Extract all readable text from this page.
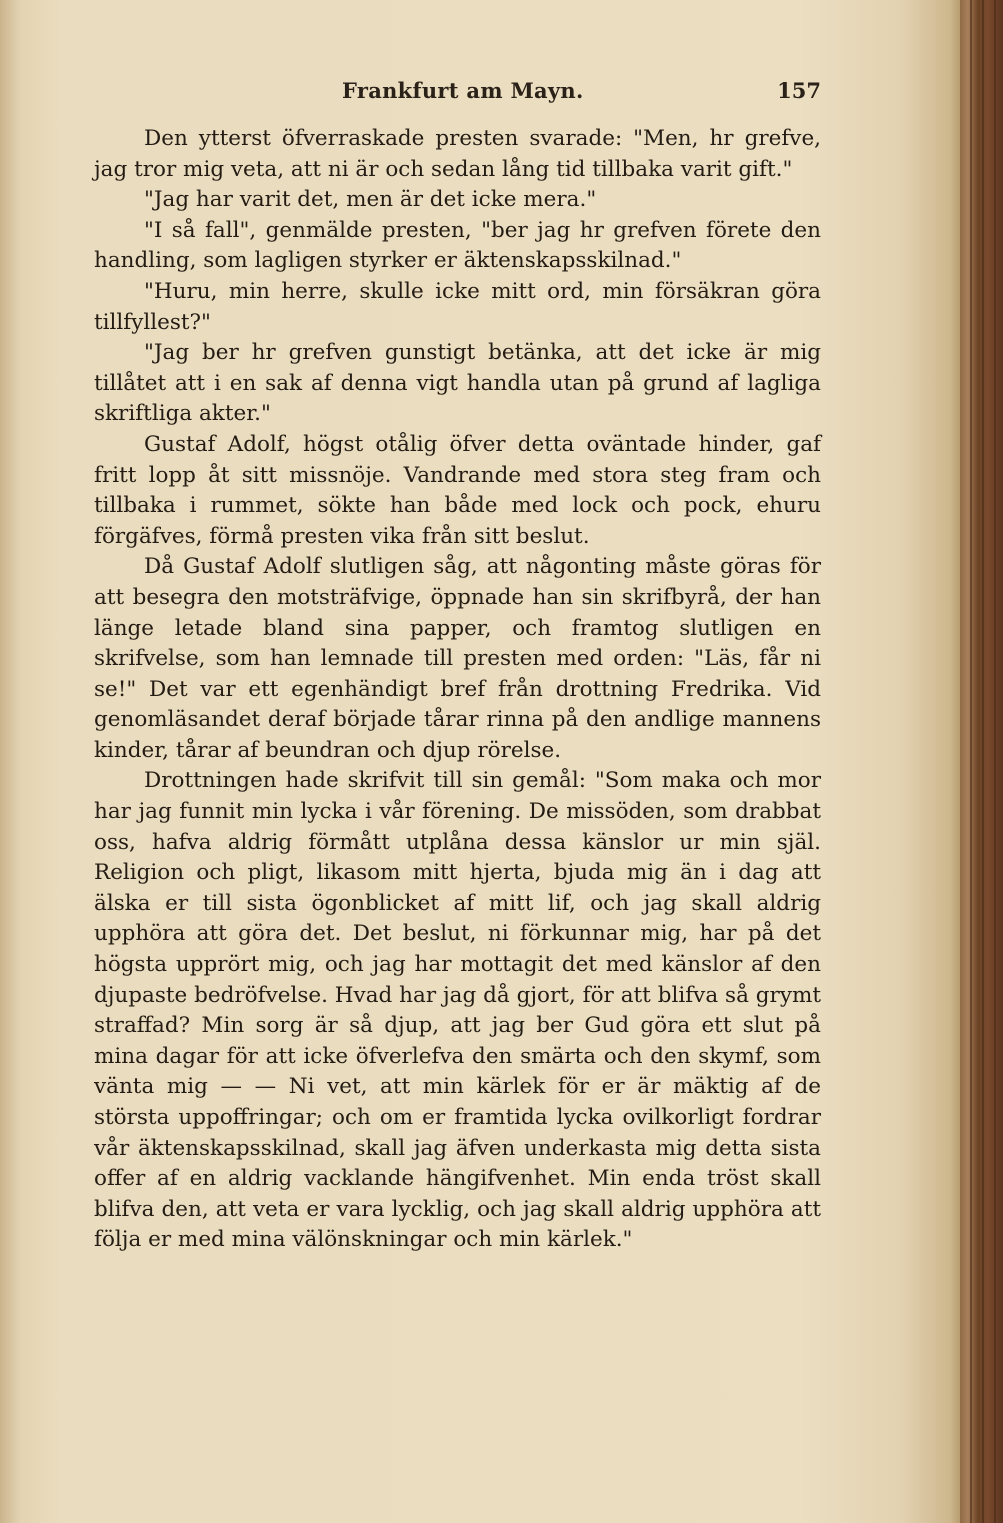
Frankfurt am Mayn.	157

Den ytterst öfverraskade presten svarade: "Men, hr grefve, jag tror mig veta, att ni är och sedan lång tid tillbaka varit gift."

"Jag har varit det, men är det icke mera."

"I så fall", genmälde presten, "ber jag hr grefven förete den handling, som lagligen styrker er äktenskapsskilnad."

"Huru, min herre, skulle icke mitt ord, min försäkran göra tillfyllest?"

"Jag ber hr grefven gunstigt betänka, att det icke är mig tillåtet att i en sak af denna vigt handla utan på grund af lagliga skriftliga akter."

Gustaf Adolf, högst otålig öfver detta oväntade hinder, gaf fritt lopp åt sitt missnöje. Vandrande med stora steg fram och tillbaka i rummet, sökte han både med lock och pock, ehuru förgäfves, förmå presten vika från sitt beslut.

Då Gustaf Adolf slutligen såg, att någonting måste göras för att besegra den motsträfvige, öppnade han sin skrifbyrå, der han länge letade bland sina papper, och framtog slutligen en skrifvelse, som han lemnade till presten med orden: "Läs, får ni se!" Det var ett egenhändigt bref från drottning Fredrika. Vid genomläsandet deraf började tårar rinna på den andlige mannens kinder, tårar af beundran och djup rörelse.

Drottningen hade skrifvit till sin gemål: "Som maka och mor har jag funnit min lycka i vår förening. De missöden, som drabbat oss, hafva aldrig förmått utplåna dessa känslor ur min själ. Religion och pligt, likasom mitt hjerta, bjuda mig än i dag att älska er till sista ögonblicket af mitt lif, och jag skall aldrig upphöra att göra det. Det beslut, ni förkunnar mig, har på det högsta upprört mig, och jag har mottagit det med känslor af den djupaste bedröfvelse. Hvad har jag då gjort, för att blifva så grymt straffad? Min sorg är så djup, att jag ber Gud göra ett slut på mina dagar för att icke öfverlefva den smärta och den skymf, som vänta mig — — Ni vet, att min kärlek för er är mäktig af de största uppoffringar; och om er framtida lycka ovilkorligt fordrar vår äktenskapsskilnad, skall jag äfven underkasta mig detta sista offer af en aldrig vacklande hängifvenhet. Min enda tröst skall blifva den, att veta er vara lycklig, och jag skall aldrig upphöra att följa er med mina välönskningar och min kärlek."
